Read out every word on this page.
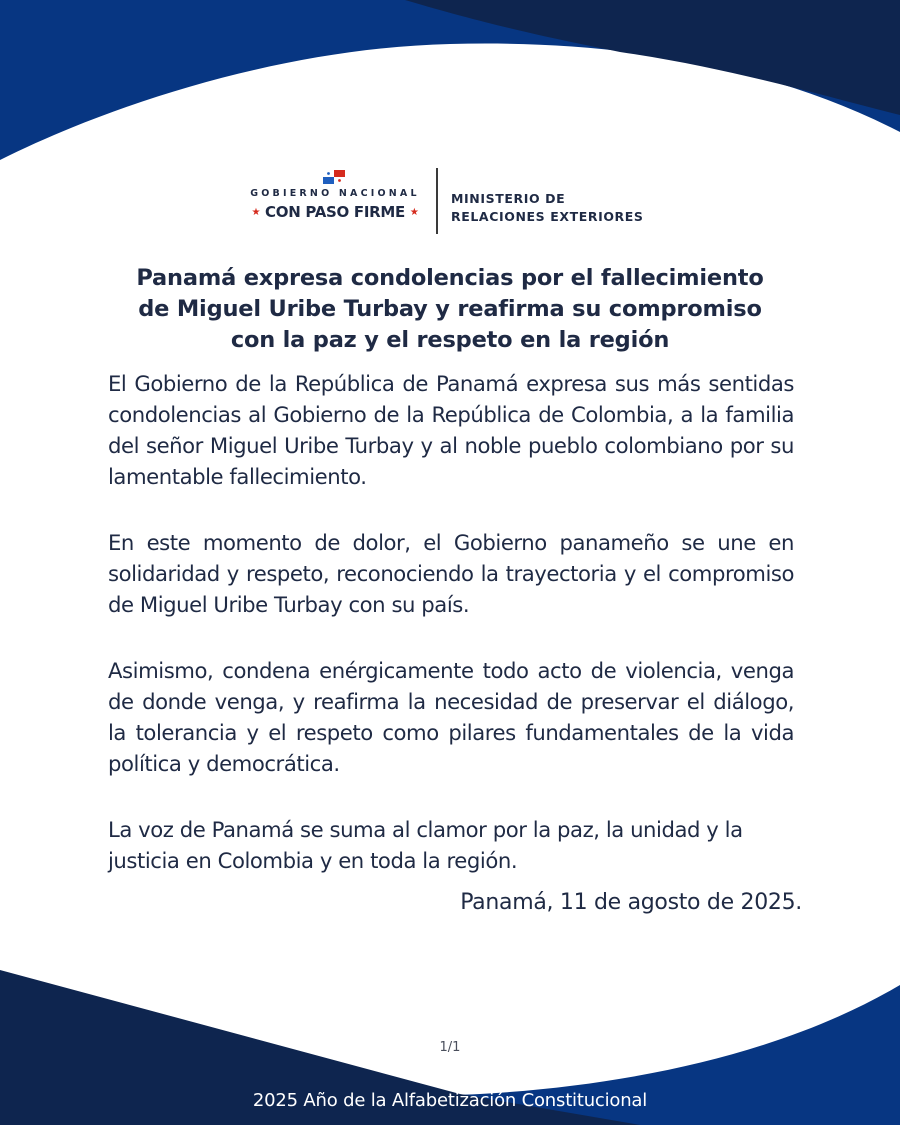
GOBIERNO NACIONAL
★ CON PASO FIRME ★
MINISTERIO DE
RELACIONES EXTERIORES
Panamá expresa condolencias por el fallecimiento
de Miguel Uribe Turbay y reafirma su compromiso
con la paz y el respeto en la región

El Gobierno de la República de Panamá expresa sus más sentidas condolencias al Gobierno de la República de Colombia, a la familia del señor Miguel Uribe Turbay y al noble pueblo colombiano por su lamentable fallecimiento.

En este momento de dolor, el Gobierno panameño se une en solidaridad y respeto, reconociendo la trayectoria y el compromiso de Miguel Uribe Turbay con su país.

Asimismo, condena enérgicamente todo acto de violencia, venga de donde venga, y reafirma la necesidad de preservar el diálogo, la tolerancia y el respeto como pilares fundamentales de la vida política y democrática.

La voz de Panamá se suma al clamor por la paz, la unidad y la justicia en Colombia y en toda la región.

Panamá, 11 de agosto de 2025.
1/1
2025 Año de la Alfabetización Constitucional
